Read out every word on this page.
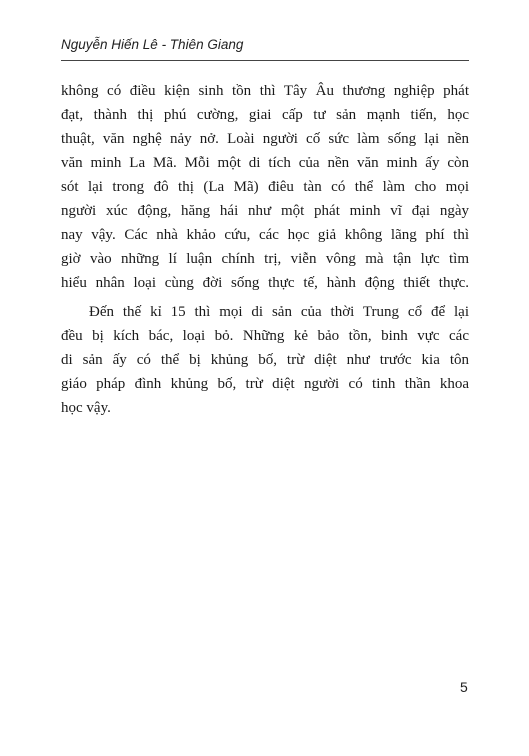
Nguyễn Hiến Lê - Thiên Giang

không có điều kiện sinh tồn thì Tây Âu thương nghiệp phát
đạt, thành thị phú cường, giai cấp tư sản mạnh tiến, học
thuật, văn nghệ nảy nở. Loài người cố sức làm sống lại nền
văn minh La Mã. Mỗi một di tích của nền văn minh ấy còn
sót lại trong đô thị (La Mã) điêu tàn có thể làm cho mọi
người xúc động, hăng hái như một phát minh vĩ đại ngày
nay vậy. Các nhà khảo cứu, các học giả không lãng phí thì
giờ vào những lí luận chính trị, viễn vông mà tận lực tìm
hiểu nhân loại cùng đời sống thực tế, hành động thiết thực.

Đến thế kỉ 15 thì mọi di sản của thời Trung cổ để lại
đều bị kích bác, loại bỏ. Những kẻ bảo tồn, binh vực các
di sản ấy có thể bị khủng bố, trừ diệt như trước kia tôn
giáo pháp đình khủng bố, trừ diệt người có tinh thần khoa
học vậy.

5
